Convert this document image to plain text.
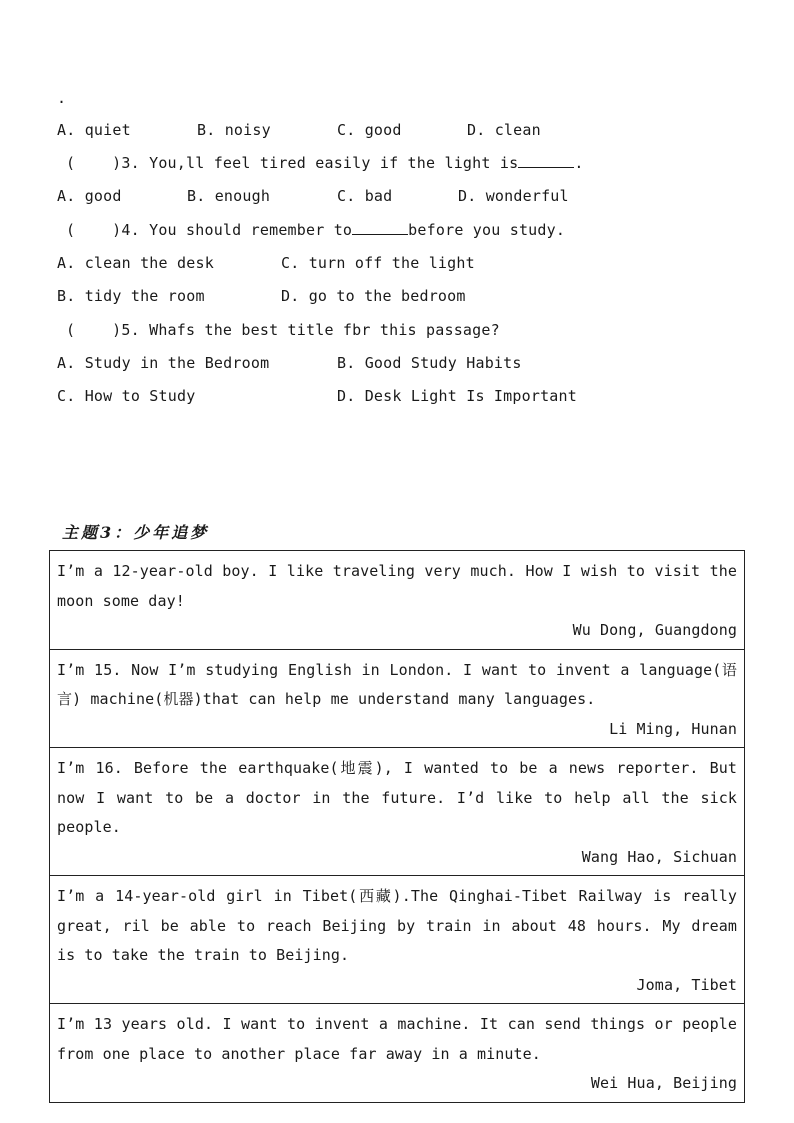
.
A. quiet	B. noisy	C. good	D. clean
(    )3. You,ll feel tired easily if the light is	.
A. good	B. enough	C. bad	D. wonderful
(    )4. You should remember to	before you study.
A. clean the desk	C. turn off the light
B. tidy the room	D. go to the bedroom
(    )5. Whafs the best title fbr this passage?
A. Study in the Bedroom	B. Good Study Habits
C. How to Study	D. Desk Light Is Important
主题3：少年追梦
I’m a 12-year-old boy. I like traveling very much. How I wish to visit the moon some day!
Wu Dong, Guangdong

I’m 15. Now I’m studying English in London. I want to invent a language(语言) machine(机器)that can help me understand many languages.
Li Ming, Hunan

I’m 16. Before the earthquake(地震), I wanted to be a news reporter. But now I want to be a doctor in the future. I’d like to help all the sick people.
Wang Hao, Sichuan

I’m a 14-year-old girl in Tibet(西藏).The Qinghai-Tibet Railway is really great, ril be able to reach Beijing by train in about 48 hours. My dream is to take the train to Beijing.
Joma, Tibet

I’m 13 years old. I want to invent a machine. It can send things or people from one place to another place far away in a minute.
Wei Hua, Beijing
